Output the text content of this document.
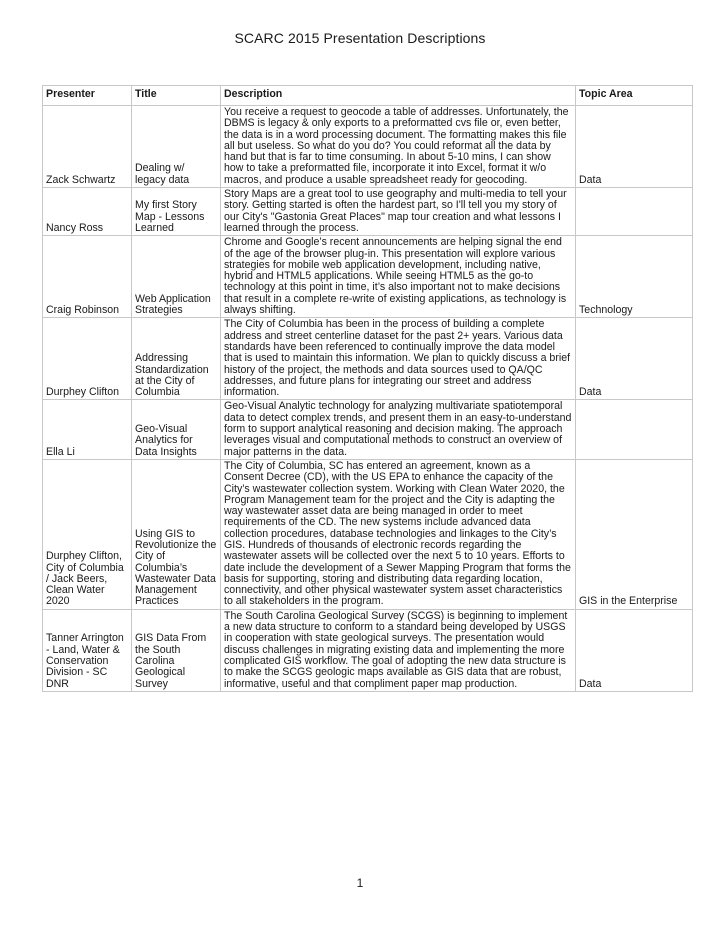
SCARC 2015 Presentation Descriptions
Presenter	Title	Description	Topic Area
Zack Schwartz	Dealing w/ legacy data	You receive a request to geocode a table of addresses. Unfortunately, the DBMS is legacy & only exports to a preformatted cvs file or, even better, the data is in a word processing document. The formatting makes this file all but useless. So what do you do? You could reformat all the data by hand but that is far to time consuming. In about 5-10 mins, I can show how to take a preformatted file, incorporate it into Excel, format it w/o macros, and produce a usable spreadsheet ready for geocoding.	Data
Nancy Ross	My first Story Map - Lessons Learned	Story Maps are a great tool to use geography and multi-media to tell your story. Getting started is often the hardest part, so I'll tell you my story of our City's "Gastonia Great Places" map tour creation and what lessons I learned through the process.	
Craig Robinson	Web Application Strategies	Chrome and Google’s recent announcements are helping signal the end of the age of the browser plug-in. This presentation will explore various strategies for mobile web application development, including native, hybrid and HTML5 applications. While seeing HTML5 as the go-to technology at this point in time, it’s also important not to make decisions that result in a complete re-write of existing applications, as technology is always shifting.	Technology
Durphey Clifton	Addressing Standardization at the City of Columbia	The City of Columbia has been in the process of building a complete address and street centerline dataset for the past 2+ years. Various data standards have been referenced to continually improve the data model that is used to maintain this information. We plan to quickly discuss a brief history of the project, the methods and data sources used to QA/QC addresses, and future plans for integrating our street and address information.	Data
Ella Li	Geo-Visual Analytics for Data Insights	Geo-Visual Analytic technology for analyzing multivariate spatiotemporal data to detect complex trends, and present them in an easy-to-understand form to support analytical reasoning and decision making. The approach leverages visual and computational methods to construct an overview of major patterns in the data.	
Durphey Clifton, City of Columbia / Jack Beers, Clean Water 2020	Using GIS to Revolutionize the City of Columbia’s Wastewater Data Management Practices	The City of Columbia, SC has entered an agreement, known as a Consent Decree (CD), with the US EPA to enhance the capacity of the City’s wastewater collection system. Working with Clean Water 2020, the Program Management team for the project and the City is adapting the way wastewater asset data are being managed in order to meet requirements of the CD. The new systems include advanced data collection procedures, database technologies and linkages to the City’s GIS. Hundreds of thousands of electronic records regarding the wastewater assets will be collected over the next 5 to 10 years. Efforts to date include the development of a Sewer Mapping Program that forms the basis for supporting, storing and distributing data regarding location, connectivity, and other physical wastewater system asset characteristics to all stakeholders in the program.	GIS in the Enterprise
Tanner Arrington - Land, Water & Conservation Division - SC DNR	GIS Data From the South Carolina Geological Survey	The South Carolina Geological Survey (SCGS) is beginning to implement a new data structure to conform to a standard being developed by USGS in cooperation with state geological surveys. The presentation would discuss challenges in migrating existing data and implementing the more complicated GIS workflow. The goal of adopting the new data structure is to make the SCGS geologic maps available as GIS data that are robust, informative, useful and that compliment paper map production.	Data
1
